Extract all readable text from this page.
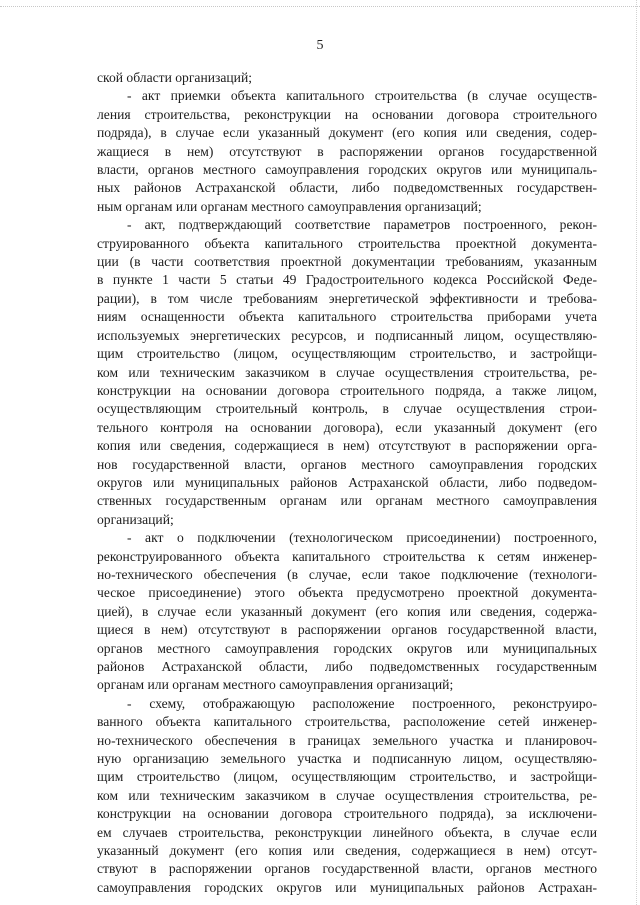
5
ской области организаций;
- акт приемки объекта капитального строительства (в случае осуществ-
ления строительства, реконструкции на основании договора строительного
подряда), в случае если указанный документ (его копия или сведения, содер-
жащиеся в нем) отсутствуют в распоряжении органов государственной
власти, органов местного самоуправления городских округов или муниципаль-
ных районов Астраханской области, либо подведомственных государствен-
ным органам или органам местного самоуправления организаций;
- акт, подтверждающий соответствие параметров построенного, рекон-
струированного объекта капитального строительства проектной документа-
ции (в части соответствия проектной документации требованиям, указанным
в пункте 1 части 5 статьи 49 Градостроительного кодекса Российской Феде-
рации), в том числе требованиям энергетической эффективности и требова-
ниям оснащенности объекта капитального строительства приборами учета
используемых энергетических ресурсов, и подписанный лицом, осуществляю-
щим строительство (лицом, осуществляющим строительство, и застройщи-
ком или техническим заказчиком в случае осуществления строительства, ре-
конструкции на основании договора строительного подряда, а также лицом,
осуществляющим строительный контроль, в случае осуществления строи-
тельного контроля на основании договора), если указанный документ (его
копия или сведения, содержащиеся в нем) отсутствуют в распоряжении орга-
нов государственной власти, органов местного самоуправления городских
округов или муниципальных районов Астраханской области, либо подведом-
ственных государственным органам или органам местного самоуправления
организаций;
- акт о подключении (технологическом присоединении) построенного,
реконструированного объекта капитального строительства к сетям инженер-
но-технического обеспечения (в случае, если такое подключение (технологи-
ческое присоединение) этого объекта предусмотрено проектной документа-
цией), в случае если указанный документ (его копия или сведения, содержа-
щиеся в нем) отсутствуют в распоряжении органов государственной власти,
органов местного самоуправления городских округов или муниципальных
районов Астраханской области, либо подведомственных государственным
органам или органам местного самоуправления организаций;
- схему, отображающую расположение построенного, реконструиро-
ванного объекта капитального строительства, расположение сетей инженер-
но-технического обеспечения в границах земельного участка и планировоч-
ную организацию земельного участка и подписанную лицом, осуществляю-
щим строительство (лицом, осуществляющим строительство, и застройщи-
ком или техническим заказчиком в случае осуществления строительства, ре-
конструкции на основании договора строительного подряда), за исключени-
ем случаев строительства, реконструкции линейного объекта, в случае если
указанный документ (его копия или сведения, содержащиеся в нем) отсут-
ствуют в распоряжении органов государственной власти, органов местного
самоуправления городских округов или муниципальных районов Астрахан-
